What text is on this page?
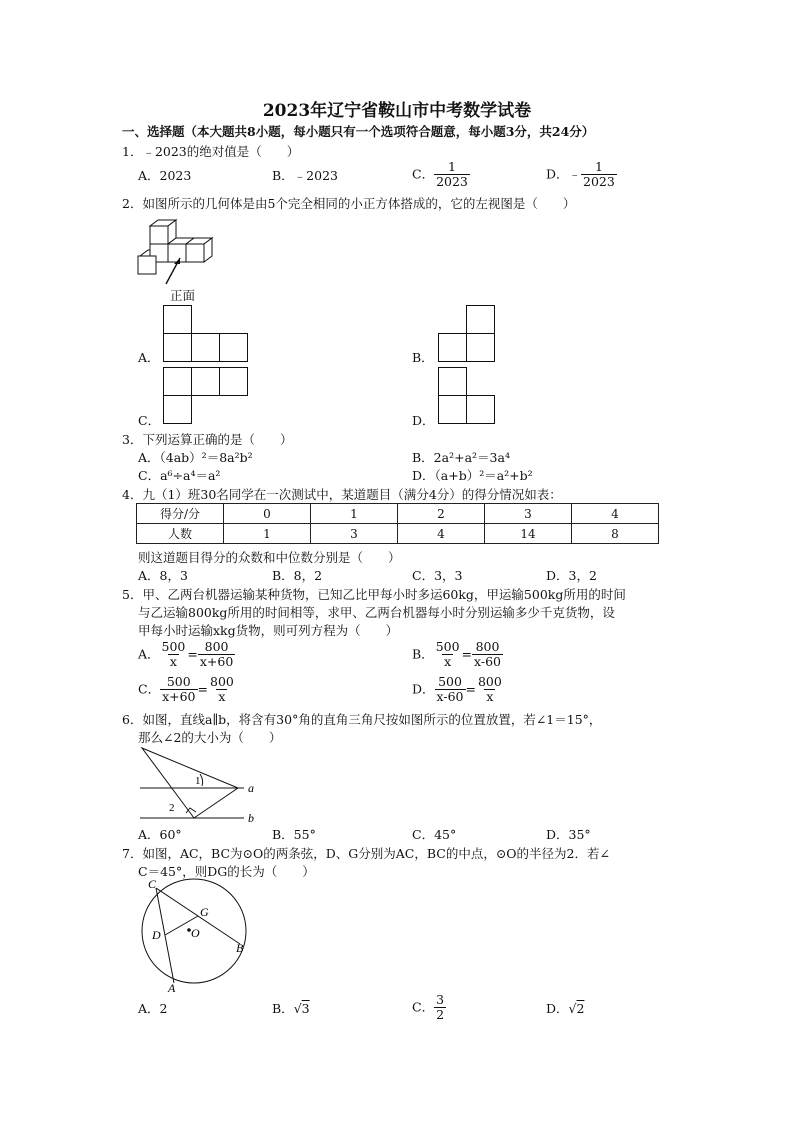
2023年辽宁省鞍山市中考数学试卷
一、选择题（本大题共8小题，每小题只有一个选项符合题意，每小题3分，共24分）
1．﹣2023的绝对值是（　　）
A．2023	B．﹣2023	C． $\frac{1}{2023}$	D．﹣ $\frac{1}{2023}$
2．如图所示的几何体是由5个完全相同的小正方体搭成的，它的左视图是（　　）
正面
A．	B．
C．	D．
3．下列运算正确的是（　　）
A．（4ab）²＝8a²b²	B．2a²+a²＝3a⁴
C．a⁶÷a⁴＝a²	D．（a+b）²＝a²+b²
4．九（1）班30名同学在一次测试中，某道题目（满分4分）的得分情况如表：
得分/分	0	1	2	3	4
人数	1	3	4	14	8
则这道题目得分的众数和中位数分别是（　　）
A．8，3	B．8，2	C．3，3	D．3，2
5．甲、乙两台机器运输某种货物，已知乙比甲每小时多运60kg，甲运输500kg所用的时间
与乙运输800kg所用的时间相等，求甲、乙两台机器每小时分别运输多少千克货物，设
甲每小时运输xkg货物，则可列方程为（　　）
A． $\frac{500}{x} = \frac{800}{x+60}$	B． $\frac{500}{x} = \frac{800}{x-60}$
C． $\frac{500}{x+60} = \frac{800}{x}$	D． $\frac{500}{x-60} = \frac{800}{x}$
6．如图，直线a∥b，将含有30°角的直角三角尺按如图所示的位置放置，若∠1＝15°，
那么∠2的大小为（　　）
a
b
1
2
A．60°	B．55°	C．45°	D．35°
7．如图，AC，BC为⊙O的两条弦，D、G分别为AC，BC的中点，⊙O的半径为2．若∠
C＝45°，则DG的长为（　　）
C
G
D	O
B
A
A．2	B．√3	C． $\frac{3}{2}$	D．√2
